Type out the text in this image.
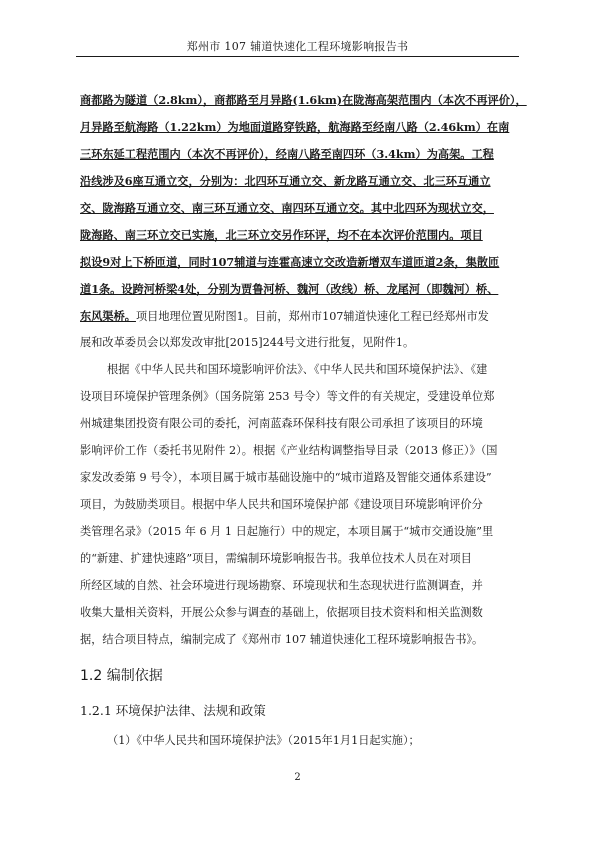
郑州市 107 辅道快速化工程环境影响报告书
商都路为隧道（2.8km），商都路至月异路(1.6km)在陇海高架范围内（本次不再评价），
月异路至航海路（1.22km）为地面道路穿铁路，航海路至经南八路（2.46km）在南
三环东延工程范围内（本次不再评价），经南八路至南四环（3.4km）为高架。工程
沿线涉及6座互通立交，分别为：北四环互通立交、新龙路互通立交、北三环互通立
交、陇海路互通立交、南三环互通立交、南四环互通立交。其中北四环为现状立交，
陇海路、南三环立交已实施，北三环立交另作环评，均不在本次评价范围内。项目
拟设9对上下桥匝道，同时107辅道与连霍高速立交改造新增双车道匝道2条，集散匝
道1条。设跨河桥梁4处，分别为贾鲁河桥、魏河（改线）桥、龙尾河（即魏河）桥、
东风渠桥。项目地理位置见附图1。目前，郑州市107辅道快速化工程已经郑州市发
展和改革委员会以郑发改审批[2015]244号文进行批复，见附件1。
根据《中华人民共和国环境影响评价法》、《中华人民共和国环境保护法》、《建
设项目环境保护管理条例》（国务院第 253 号令）等文件的有关规定，受建设单位郑
州城建集团投资有限公司的委托，河南蓝森环保科技有限公司承担了该项目的环境
影响评价工作（委托书见附件 2）。根据《产业结构调整指导目录（2013 修正）》（国
家发改委第 9 号令），本项目属于城市基础设施中的“城市道路及智能交通体系建设”
项目，为鼓励类项目。根据中华人民共和国环境保护部《建设项目环境影响评价分
类管理名录》（2015 年 6 月 1 日起施行）中的规定，本项目属于“城市交通设施”里
的“新建、扩建快速路”项目，需编制环境影响报告书。我单位技术人员在对项目
所经区域的自然、社会环境进行现场勘察、环境现状和生态现状进行监测调查，并
收集大量相关资料，开展公众参与调查的基础上，依据项目技术资料和相关监测数
据，结合项目特点，编制完成了《郑州市 107 辅道快速化工程环境影响报告书》。
1.2 编制依据
1.2.1 环境保护法律、法规和政策
（1）《中华人民共和国环境保护法》（2015年1月1日起实施）；
2
